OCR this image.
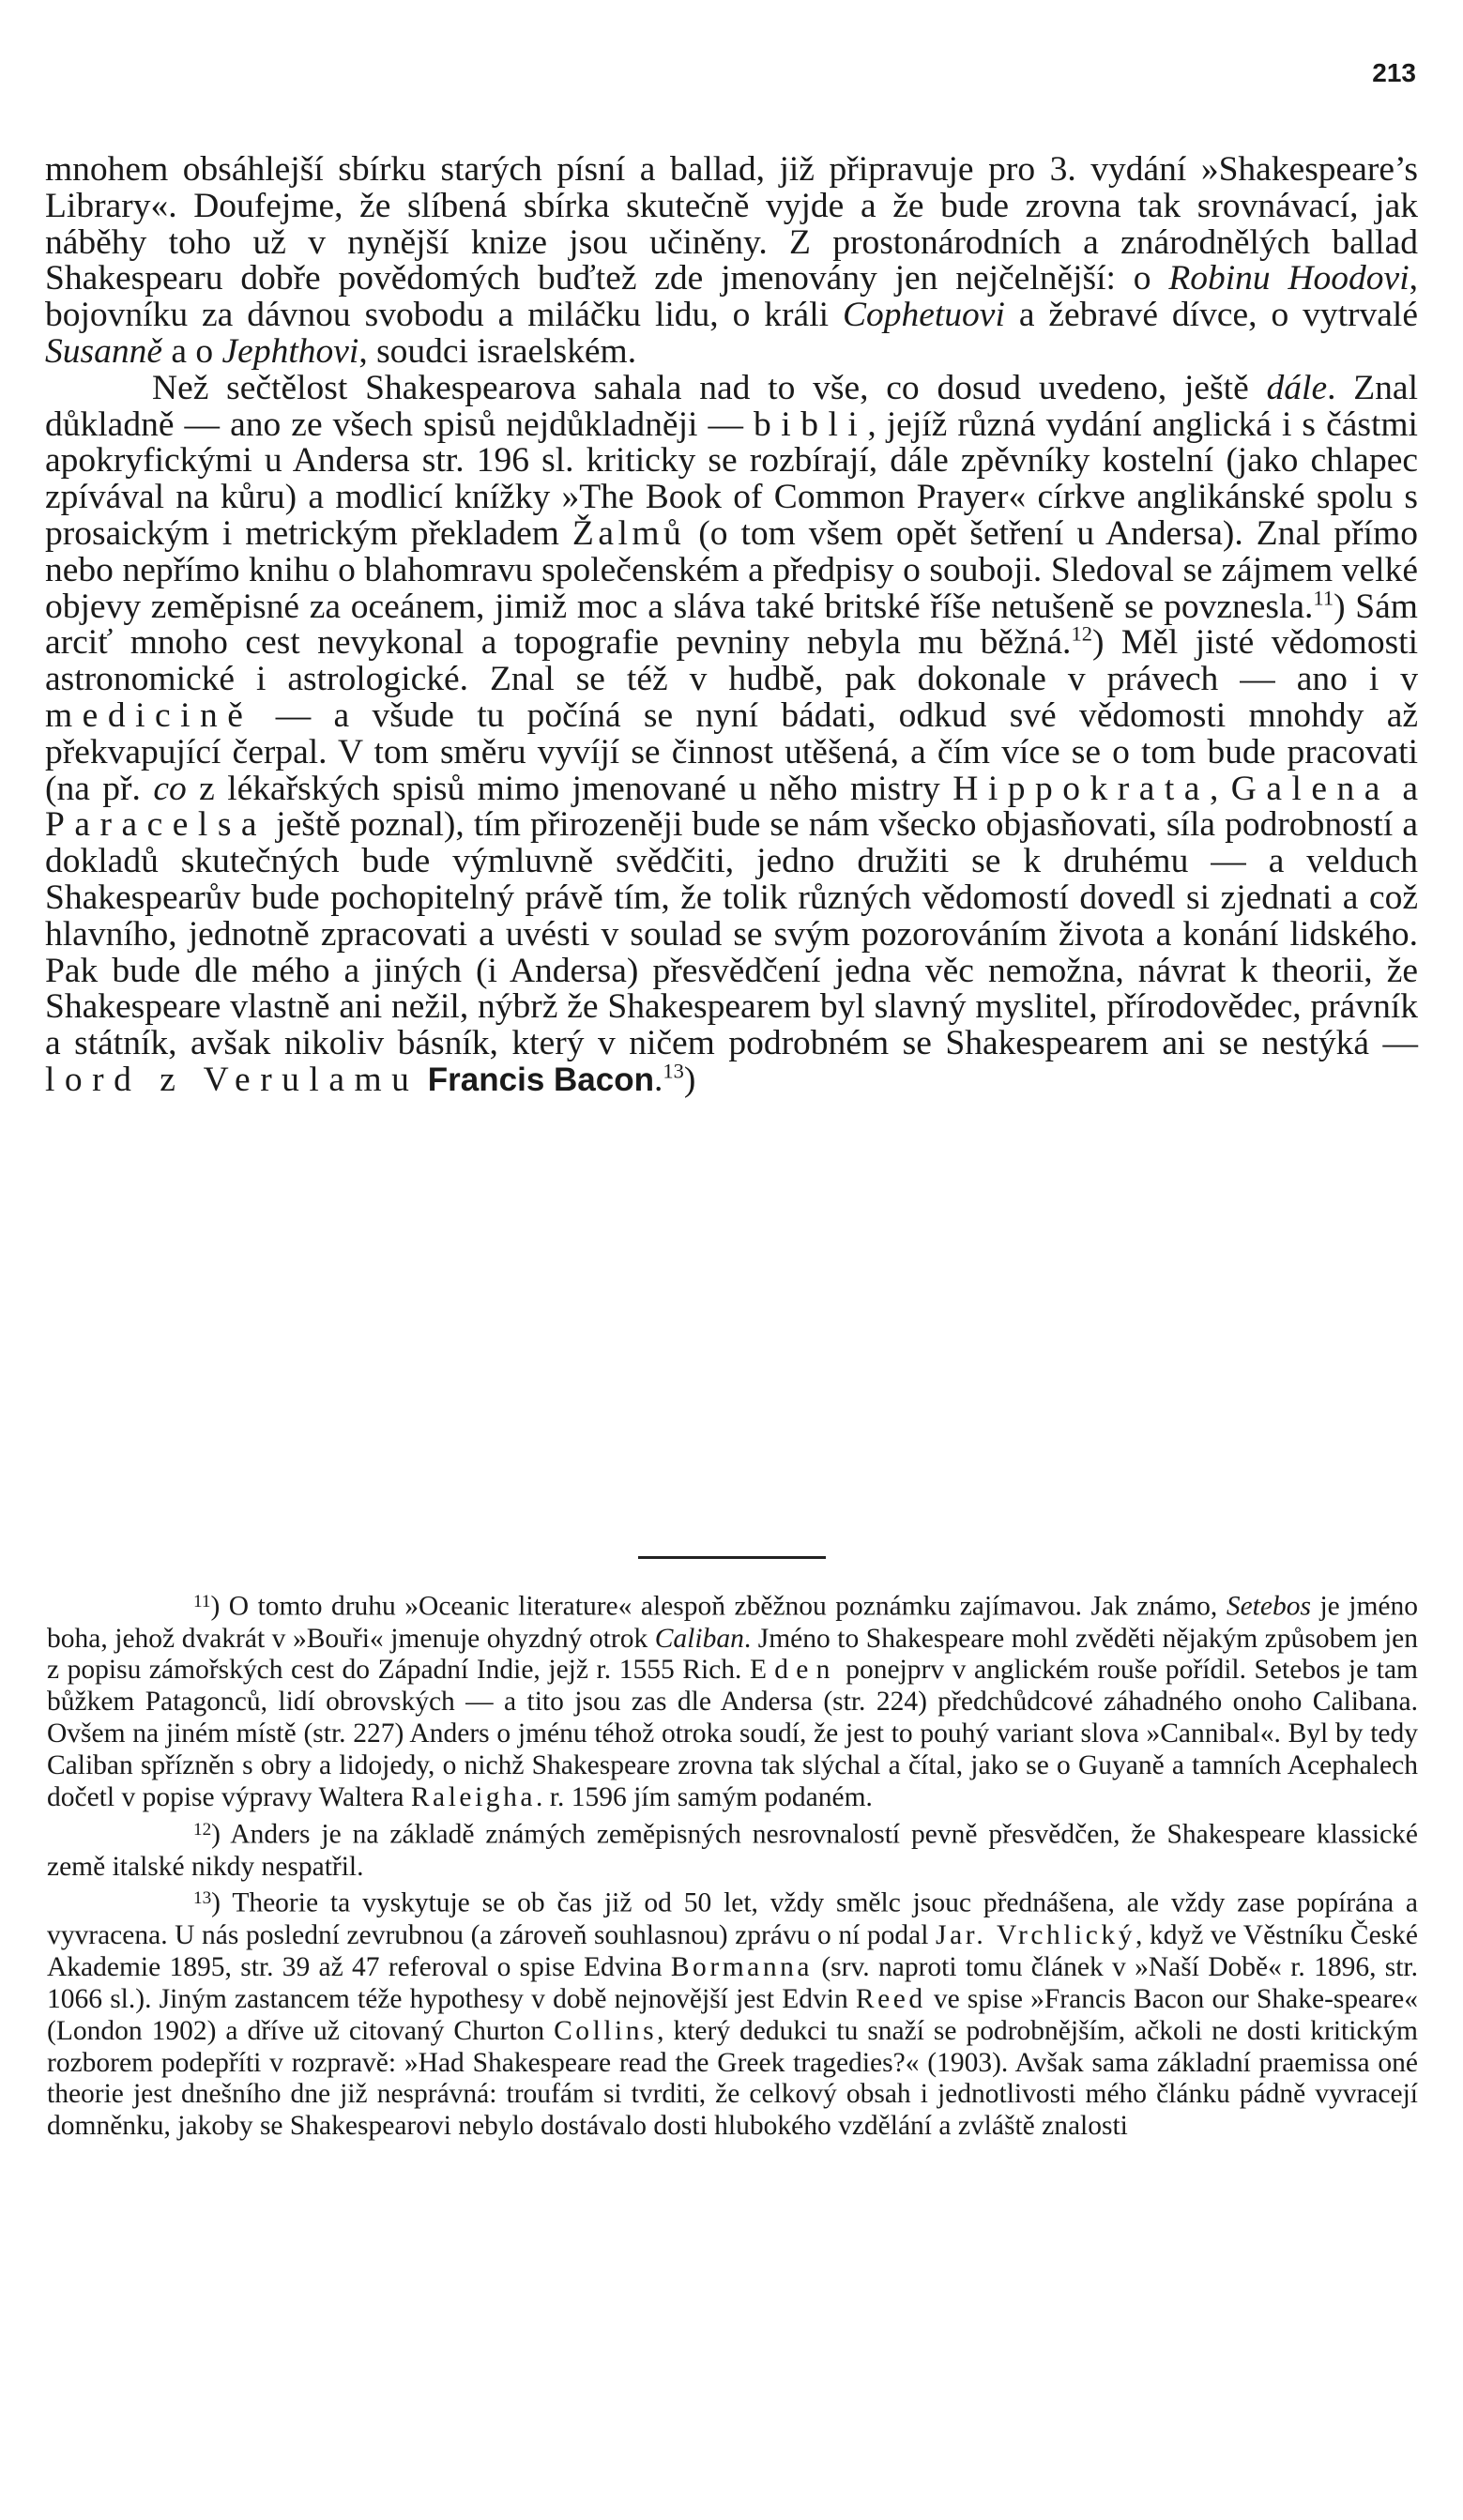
213

mnohem obsáhlejší sbírku starých písní a ballad, již připravuje pro 3. vydání »Shakespeare’s Library«. Doufejme, že slíbená sbírka skutečně vyjde a že bude zrovna tak srovnávací, jak náběhy toho už v nynější knize jsou učiněny. Z prostonárodních a znárodnělých ballad Shakespearu dobře povědomých buďtež zde jmenovány jen nejčelnější: o Robinu Hoodovi, bojovníku za dávnou svobodu a miláčku lidu, o králi Cophetuovi a žebravé dívce, o vytrvalé Susanně a o Jephthovi, soudci israelském.

Než sečtělost Shakespearova sahala nad to vše, co dosud uvedeno, ještě dále. Znal důkladně — ano ze všech spisů nejdůkladněji — bibli, jejíž různá vydání anglická i s částmi apokryfickými u Andersa str. 196 sl. kriticky se rozbírají, dále zpěvníky kostelní (jako chlapec zpívával na kůru) a modlicí knížky »The Book of Common Prayer« církve anglikánské spolu s prosaickým i metrickým překladem Žalmů (o tom všem opět šetření u Andersa). Znal přímo nebo nepřímo knihu o blahomravu společenském a předpisy o souboji. Sledoval se zájmem velké objevy zeměpisné za oceánem, jimiž moc a sláva také britské říše netušeně se povznesla.$^{11}$) Sám arciť mnoho cest nevykonal a topografie pevniny nebyla mu běžná.$^{12}$) Měl jisté vědomosti astronomické i astrologické. Znal se též v hudbě, pak dokonale v právech — ano i v medicině — a všude tu počíná se nyní bádati, odkud své vědomosti mnohdy až překvapující čerpal. V tom směru vyvíjí se činnost utěšená, a čím více se o tom bude pracovati (na př. co z lékařských spisů mimo jmenované u něho mistry Hippokrata, Galena a Paracelsa ještě poznal), tím přirozeněji bude se nám všecko objasňovati, síla podrobností a dokladů skutečných bude výmluvně svědčiti, jedno družiti se k druhému — a velduch Shakespearův bude pochopitelný právě tím, že tolik různých vědomostí dovedl si zjednati a což hlavního, jednotně zpracovati a uvésti v soulad se svým pozorováním života a konání lidského. Pak bude dle mého a jiných (i Andersa) přesvědčení jedna věc nemožna, návrat k theorii, že Shakespeare vlastně ani nežil, nýbrž že Shakespearem byl slavný myslitel, přírodovědec, právník a státník, avšak nikoliv básník, který v ničem podrobném se Shakespearem ani se nestýká — lord z Verulamu Francis Bacon.$^{13}$)

$^{11}$) O tomto druhu »Oceanic literature« alespoň zběžnou poznámku zajímavou. Jak známo, Setebos je jméno boha, jehož dvakrát v »Bouři« jmenuje ohyzdný otrok Caliban. Jméno to Shakespeare mohl zvěděti nějakým způsobem jen z popisu zámořských cest do Západní Indie, jejž r. 1555 Rich. Eden ponejprv v anglickém rouše pořídil. Setebos je tam bůžkem Patagonců, lidí obrovských — a tito jsou zas dle Andersa (str. 224) předchůdcové záhadného onoho Calibana. Ovšem na jiném místě (str. 227) Anders o jménu téhož otroka soudí, že jest to pouhý variant slova »Cannibal«. Byl by tedy Caliban spřízněn s obry a lidojedy, o nichž Shakespeare zrovna tak slýchal a čítal, jako se o Guyaně a tamních Acephalech dočetl v popise výpravy Waltera Raleigha. r. 1596 jím samým podaném.

$^{12}$) Anders je na základě známých zeměpisných nesrovnalostí pevně přesvědčen, že Shakespeare klassické země italské nikdy nespatřil.

$^{13}$) Theorie ta vyskytuje se ob čas již od 50 let, vždy smělc jsouc přednášena, ale vždy zase popírána a vyvracena. U nás poslední zevrubnou (a zároveň souhlasnou) zprávu o ní podal Jar. Vrchlický, když ve Věstníku České Akademie 1895, str. 39 až 47 referoval o spise Edvina Bormanna (srv. naproti tomu článek v »Naší Době« r. 1896, str. 1066 sl.). Jiným zastancem téže hypothesy v době nejnovější jest Edvin Reed ve spise »Francis Bacon our Shake-speare« (London 1902) a dříve už citovaný Churton Collins, který dedukci tu snaží se podrobnějším, ačkoli ne dosti kritickým rozborem podepříti v rozpravě: »Had Shakespeare read the Greek tragedies?« (1903). Avšak sama základní praemissa oné theorie jest dnešního dne již nesprávná: troufám si tvrditi, že celkový obsah i jednotlivosti mého článku pádně vyvracejí domněnku, jakoby se Shakespearovi nebylo dostávalo dosti hlubokého vzdělání a zvláště znalosti
